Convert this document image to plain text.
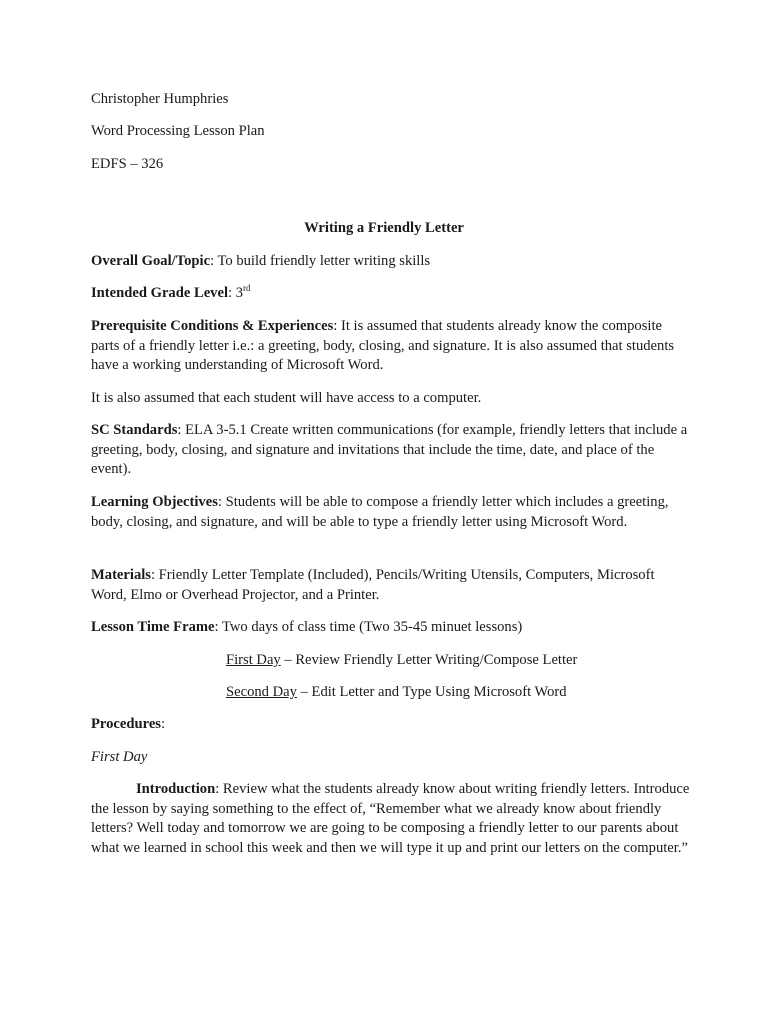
Christopher Humphries

Word Processing Lesson Plan

EDFS – 326

Writing a Friendly Letter

Overall Goal/Topic: To build friendly letter writing skills

Intended Grade Level: 3rd

Prerequisite Conditions & Experiences: It is assumed that students already know the composite parts of a friendly letter i.e.: a greeting, body, closing, and signature. It is also assumed that students have a working understanding of Microsoft Word.

It is also assumed that each student will have access to a computer.

SC Standards: ELA 3-5.1 Create written communications (for example, friendly letters that include a greeting, body, closing, and signature and invitations that include the time, date, and place of the event).

Learning Objectives: Students will be able to compose a friendly letter which includes a greeting, body, closing, and signature, and will be able to type a friendly letter using Microsoft Word.

Materials: Friendly Letter Template (Included), Pencils/Writing Utensils, Computers, Microsoft Word, Elmo or Overhead Projector, and a Printer.

Lesson Time Frame: Two days of class time (Two 35-45 minuet lessons)

First Day – Review Friendly Letter Writing/Compose Letter

Second Day – Edit Letter and Type Using Microsoft Word

Procedures:

First Day

Introduction: Review what the students already know about writing friendly letters. Introduce the lesson by saying something to the effect of, “Remember what we already know about friendly letters? Well today and tomorrow we are going to be composing a friendly letter to our parents about what we learned in school this week and then we will type it up and print our letters on the computer.”
